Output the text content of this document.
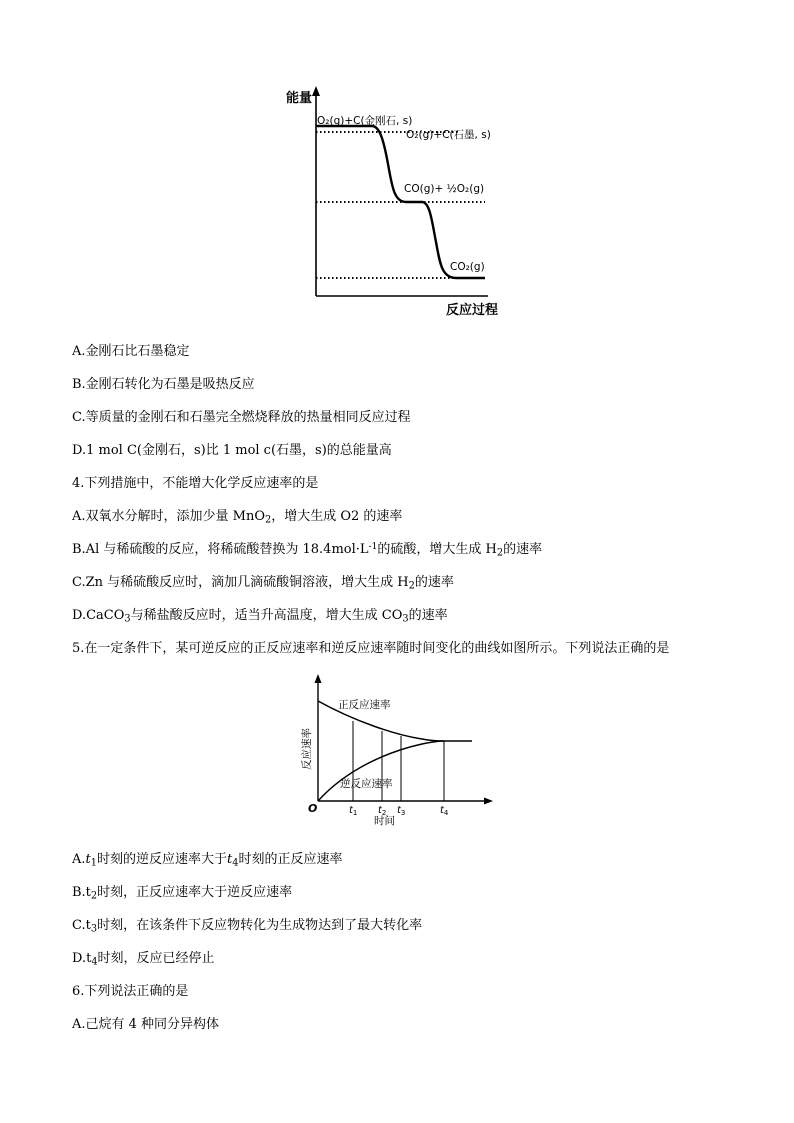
能量
反应过程
O₂(g)+C(金刚石, s)
O₂(g)+C(石墨, s)
CO(g)+ ½O₂(g)
CO₂(g)
A.金刚石比石墨稳定
B.金刚石转化为石墨是吸热反应
C.等质量的金刚石和石墨完全燃烧释放的热量相同反应过程
D.1 mol C(金刚石，s)比 1 mol c(石墨，s)的总能量高
4.下列措施中，不能增大化学反应速率的是
A.双氧水分解时，添加少量 MnO$_2$，增大生成 O2 的速率
B.Al 与稀硫酸的反应，将稀硫酸替换为 $18.4mol\cdot L^{-1}$的硫酸，增大生成 $H_2$的速率
C.Zn 与稀硫酸反应时，滴加几滴硫酸铜溶液，增大生成 $H_2$的速率
D.CaCO$_3$与稀盐酸反应时，适当升高温度，增大生成 $CO_3$的速率
5.在一定条件下，某可逆反应的正反应速率和逆反应速率随时间变化的曲线如图所示。下列说法正确的是
正反应速率
逆反应速率
反应速率
O
时间
$t_1$ $t_2$ $t_3$	$t_4$
$A.t_1$时刻的逆反应速率大于$t_4$时刻的正反应速率
$B.t_2$时刻，正反应速率大于逆反应速率
$C.t_3$时刻，在该条件下反应物转化为生成物达到了最大转化率
$D.t_4$时刻，反应已经停止
6.下列说法正确的是
A.己烷有 4 种同分异构体
